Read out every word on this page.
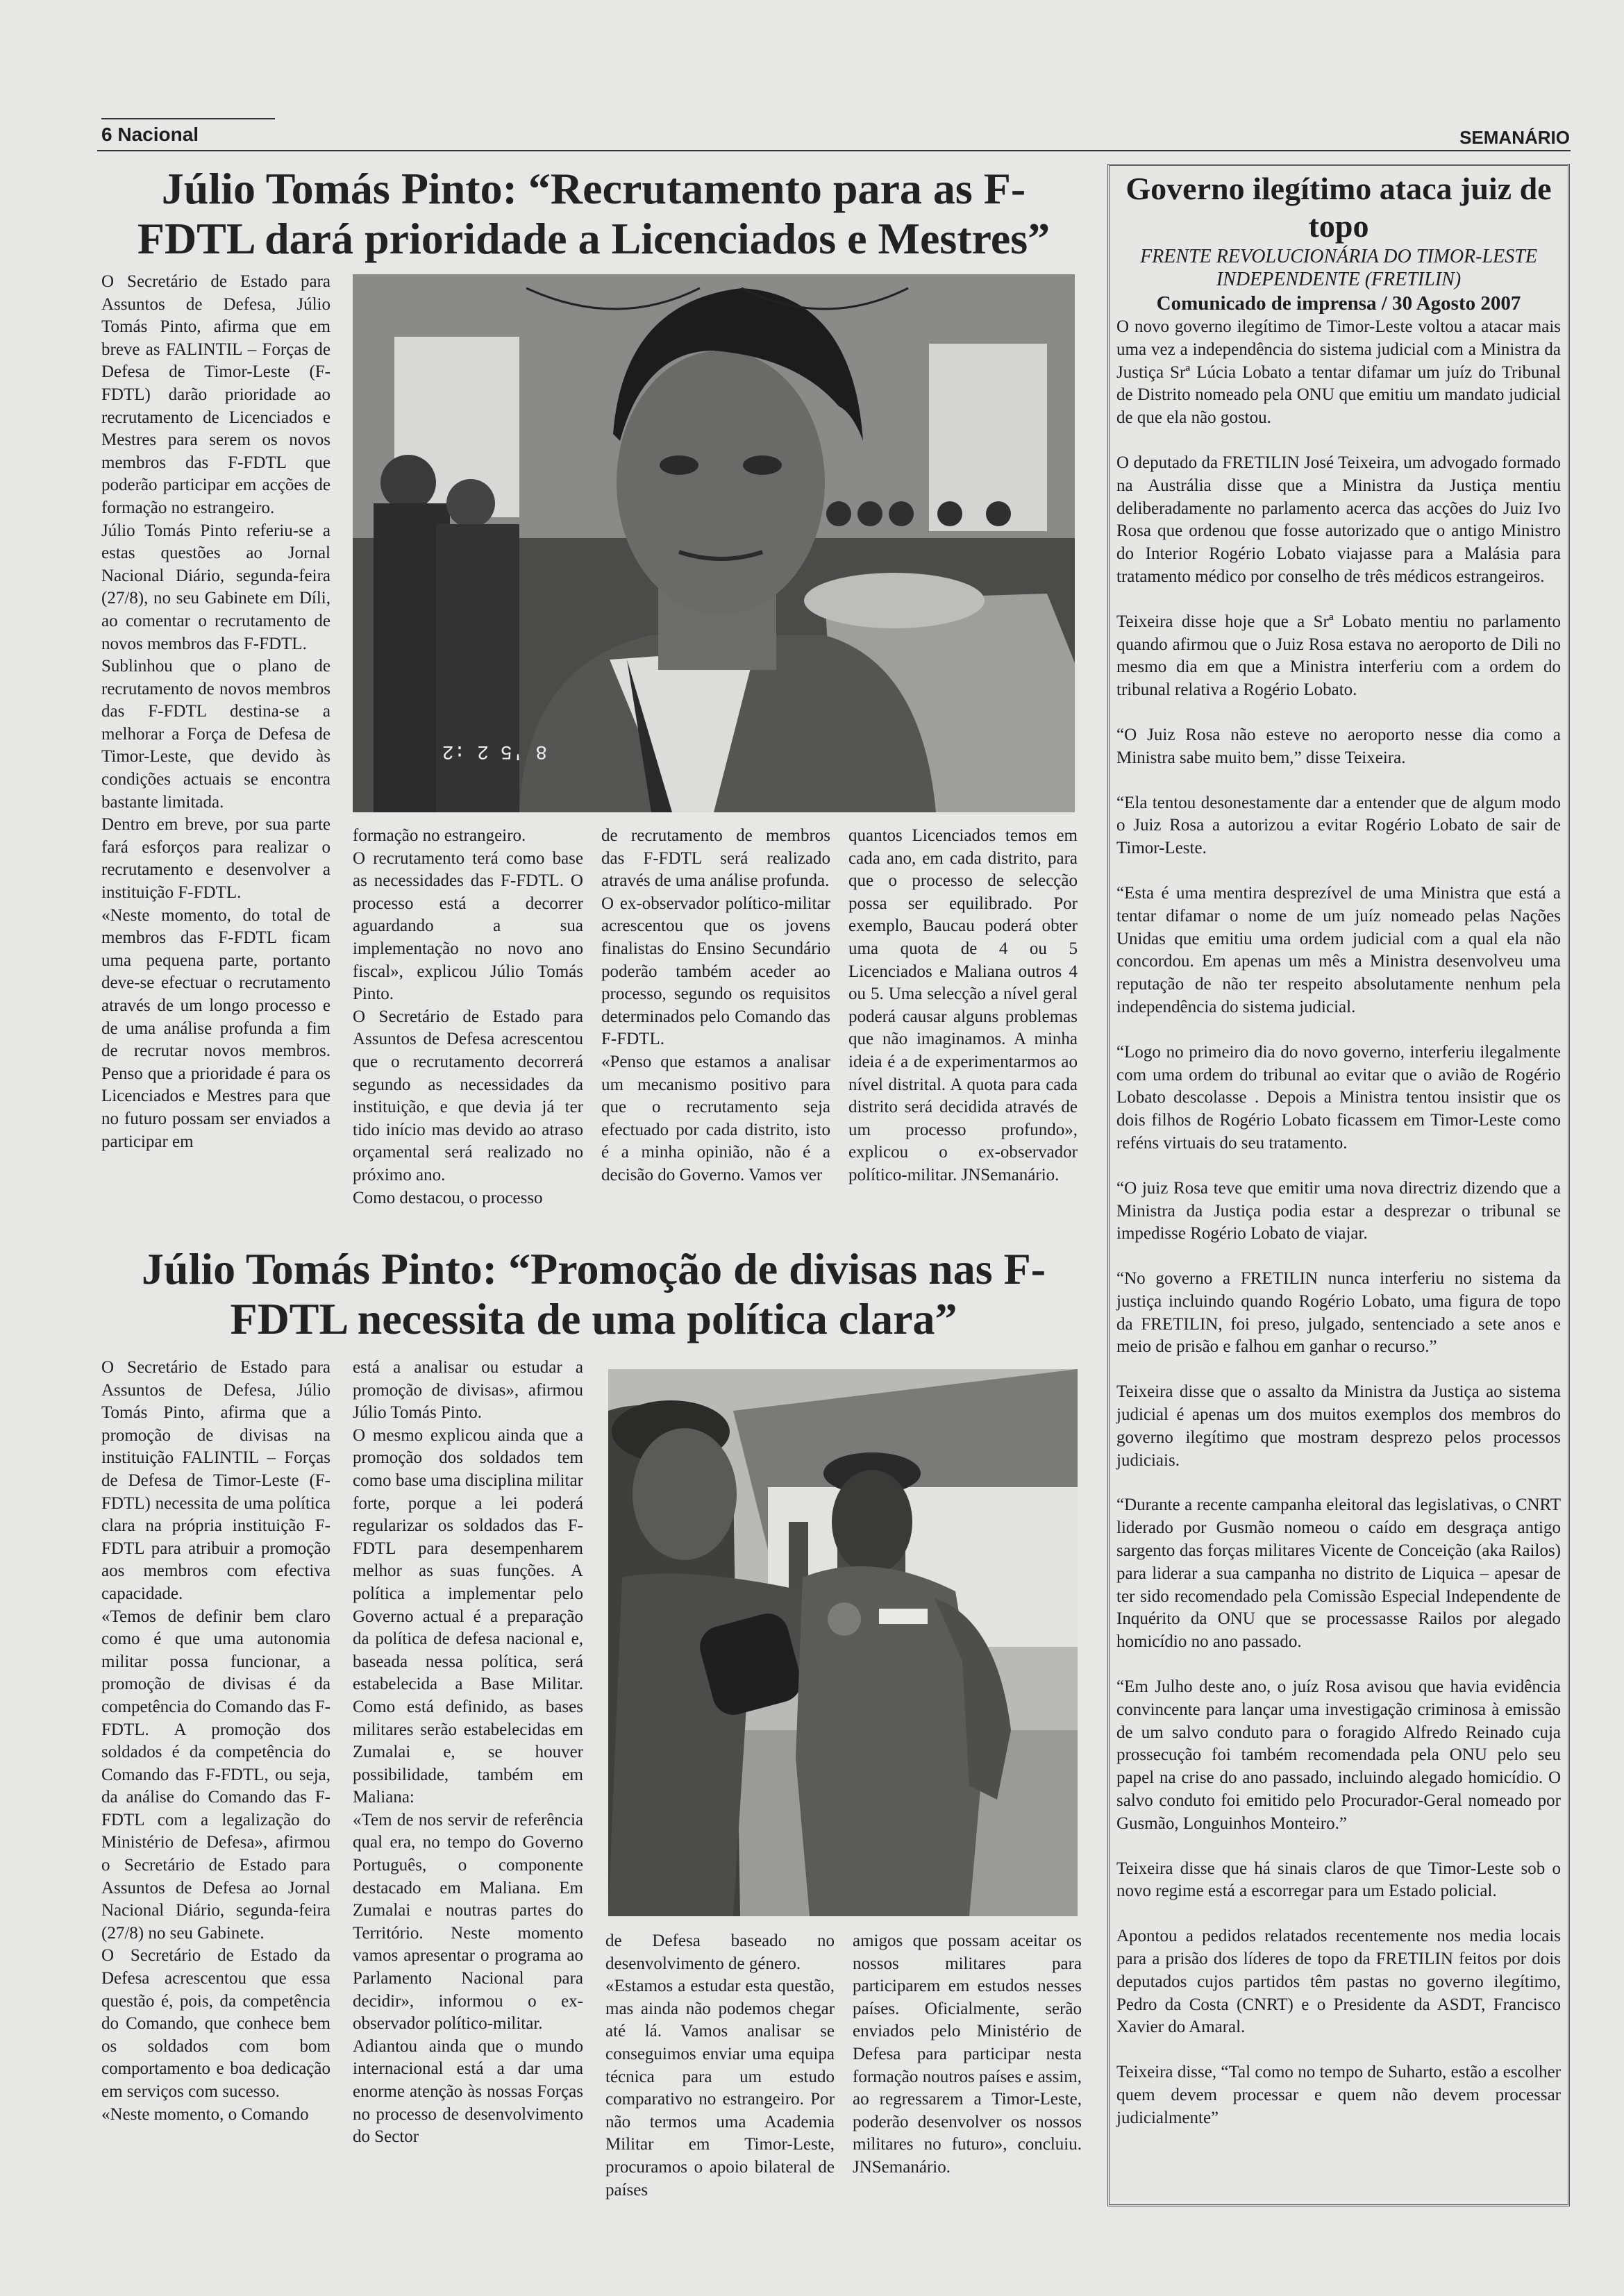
6 Nacional	SEMANÁRIO
Júlio Tomás Pinto: “Recrutamento para as F-FDTL dará prioridade a Licenciados e Mestres”
8 '5 2 :2

O Secretário de Estado para Assuntos de Defesa, Júlio Tomás Pinto, afirma que em breve as FALINTIL – Forças de Defesa de Timor-Leste (F-FDTL) darão prioridade ao recrutamento de Licenciados e Mestres para serem os novos membros das F-FDTL que poderão participar em acções de formação no estrangeiro.

Júlio Tomás Pinto referiu-se a estas questões ao Jornal Nacional Diário, segunda-feira (27/8), no seu Gabinete em Díli, ao comentar o recrutamento de novos membros das F-FDTL.

Sublinhou que o plano de recrutamento de novos membros das F-FDTL destina-se a melhorar a Força de Defesa de Timor-Leste, que devido às condições actuais se encontra bastante limitada.

Dentro em breve, por sua parte fará esforços para realizar o recrutamento e desenvolver a instituição F-FDTL.

«Neste momento, do total de membros das F-FDTL ficam uma pequena parte, portanto deve-se efectuar o recrutamento através de um longo processo e de uma análise profunda a fim de recrutar novos membros. Penso que a prioridade é para os Licenciados e Mestres para que no futuro possam ser enviados a participar em

formação no estrangeiro.

O recrutamento terá como base as necessidades das F-FDTL. O processo está a decorrer aguardando a sua implementação no novo ano fiscal», explicou Júlio Tomás Pinto.

O Secretário de Estado para Assuntos de Defesa acrescentou que o recrutamento decorrerá segundo as necessidades da instituição, e que devia já ter tido início mas devido ao atraso orçamental será realizado no próximo ano.

Como destacou, o processo

de recrutamento de membros das F-FDTL será realizado através de uma análise profunda.

O ex-observador político-militar acrescentou que os jovens finalistas do Ensino Secundário poderão também aceder ao processo, segundo os requisitos determinados pelo Comando das F-FDTL.

«Penso que estamos a analisar um mecanismo positivo para que o recrutamento seja efectuado por cada distrito, isto é a minha opinião, não é a decisão do Governo. Vamos ver

quantos Licenciados temos em cada ano, em cada distrito, para que o processo de selecção possa ser equilibrado. Por exemplo, Baucau poderá obter uma quota de 4 ou 5 Licenciados e Maliana outros 4 ou 5. Uma selecção a nível geral poderá causar alguns problemas que não imaginamos. A minha ideia é a de experimentarmos ao nível distrital. A quota para cada distrito será decidida através de um processo profundo», explicou o ex-observador político-militar. JNSemanário.

Júlio Tomás Pinto: “Promoção de divisas nas F-FDTL necessita de uma política clara”

O Secretário de Estado para Assuntos de Defesa, Júlio Tomás Pinto, afirma que a promoção de divisas na instituição FALINTIL – Forças de Defesa de Timor-Leste (F-FDTL) necessita de uma política clara na própria instituição F-FDTL para atribuir a promoção aos membros com efectiva capacidade.

«Temos de definir bem claro como é que uma autonomia militar possa funcionar, a promoção de divisas é da competência do Comando das F-FDTL. A promoção dos soldados é da competência do Comando das F-FDTL, ou seja, da análise do Comando das F-FDTL com a legalização do Ministério de Defesa», afirmou o Secretário de Estado para Assuntos de Defesa ao Jornal Nacional Diário, segunda-feira (27/8) no seu Gabinete.

O Secretário de Estado da Defesa acrescentou que essa questão é, pois, da competência do Comando, que conhece bem os soldados com bom comportamento e boa dedicação em serviços com sucesso.

«Neste momento, o Comando

está a analisar ou estudar a promoção de divisas», afirmou Júlio Tomás Pinto.

O mesmo explicou ainda que a promoção dos soldados tem como base uma disciplina militar forte, porque a lei poderá regularizar os soldados das F-FDTL para desempenharem melhor as suas funções. A política a implementar pelo Governo actual é a preparação da política de defesa nacional e, baseada nessa política, será estabelecida a Base Militar. Como está definido, as bases militares serão estabelecidas em Zumalai e, se houver possibilidade, também em Maliana:

«Tem de nos servir de referência qual era, no tempo do Governo Português, o componente destacado em Maliana. Em Zumalai e noutras partes do Território. Neste momento vamos apresentar o programa ao Parlamento Nacional para decidir», informou o ex-observador político-militar.

Adiantou ainda que o mundo internacional está a dar uma enorme atenção às nossas Forças no processo de desenvolvimento do Sector

de Defesa baseado no desenvolvimento de género.

«Estamos a estudar esta questão, mas ainda não podemos chegar até lá. Vamos analisar se conseguimos enviar uma equipa técnica para um estudo comparativo no estrangeiro. Por não termos uma Academia Militar em Timor-Leste, procuramos o apoio bilateral de países

amigos que possam aceitar os nossos militares para participarem em estudos nesses países. Oficialmente, serão enviados pelo Ministério de Defesa para participar nesta formação noutros países e assim, ao regressarem a Timor-Leste, poderão desenvolver os nossos militares no futuro», concluiu. JNSemanário.

Governo ilegítimo ataca juiz de topo
FRENTE REVOLUCIONÁRIA DO TIMOR-LESTE INDEPENDENTE (FRETILIN)
Comunicado de imprensa / 30 Agosto 2007

O novo governo ilegítimo de Timor-Leste voltou a atacar mais uma vez a independência do sistema judicial com a Ministra da Justiça Srª Lúcia Lobato a tentar difamar um juíz do Tribunal de Distrito nomeado pela ONU que emitiu um mandato judicial de que ela não gostou.

O deputado da FRETILIN José Teixeira, um advogado formado na Austrália disse que a Ministra da Justiça mentiu deliberadamente no parlamento acerca das acções do Juiz Ivo Rosa que ordenou que fosse autorizado que o antigo Ministro do Interior Rogério Lobato viajasse para a Malásia para tratamento médico por conselho de três médicos estrangeiros.

Teixeira disse hoje que a Srª Lobato mentiu no parlamento quando afirmou que o Juiz Rosa estava no aeroporto de Dili no mesmo dia em que a Ministra interferiu com a ordem do tribunal relativa a Rogério Lobato.

“O Juiz Rosa não esteve no aeroporto nesse dia como a Ministra sabe muito bem,” disse Teixeira.

“Ela tentou desonestamente dar a entender que de algum modo o Juiz Rosa a autorizou a evitar Rogério Lobato de sair de Timor-Leste.

“Esta é uma mentira desprezível de uma Ministra que está a tentar difamar o nome de um juíz nomeado pelas Nações Unidas que emitiu uma ordem judicial com a qual ela não concordou. Em apenas um mês a Ministra desenvolveu uma reputação de não ter respeito absolutamente nenhum pela independência do sistema judicial.

“Logo no primeiro dia do novo governo, interferiu ilegalmente com uma ordem do tribunal ao evitar que o avião de Rogério Lobato descolasse . Depois a Ministra tentou insistir que os dois filhos de Rogério Lobato ficassem em Timor-Leste como reféns virtuais do seu tratamento.

“O juiz Rosa teve que emitir uma nova directriz dizendo que a Ministra da Justiça podia estar a desprezar o tribunal se impedisse Rogério Lobato de viajar.

“No governo a FRETILIN nunca interferiu no sistema da justiça incluindo quando Rogério Lobato, uma figura de topo da FRETILIN, foi preso, julgado, sentenciado a sete anos e meio de prisão e falhou em ganhar o recurso.”

Teixeira disse que o assalto da Ministra da Justiça ao sistema judicial é apenas um dos muitos exemplos dos membros do governo ilegítimo que mostram desprezo pelos processos judiciais.

“Durante a recente campanha eleitoral das legislativas, o CNRT liderado por Gusmão nomeou o caído em desgraça antigo sargento das forças militares Vicente de Conceição (aka Railos) para liderar a sua campanha no distrito de Liquica – apesar de ter sido recomendado pela Comissão Especial Independente de Inquérito da ONU que se processasse Railos por alegado homicídio no ano passado.

“Em Julho deste ano, o juíz Rosa avisou que havia evidência convincente para lançar uma investigação criminosa à emissão de um salvo conduto para o foragido Alfredo Reinado cuja prossecução foi também recomendada pela ONU pelo seu papel na crise do ano passado, incluindo alegado homicídio. O salvo conduto foi emitido pelo Procurador-Geral nomeado por Gusmão, Longuinhos Monteiro.”

Teixeira disse que há sinais claros de que Timor-Leste sob o novo regime está a escorregar para um Estado policial.

Apontou a pedidos relatados recentemente nos media locais para a prisão dos líderes de topo da FRETILIN feitos por dois deputados cujos partidos têm pastas no governo ilegítimo, Pedro da Costa (CNRT) e o Presidente da ASDT, Francisco Xavier do Amaral.

Teixeira disse, “Tal como no tempo de Suharto, estão a escolher quem devem processar e quem não devem processar judicialmente”
